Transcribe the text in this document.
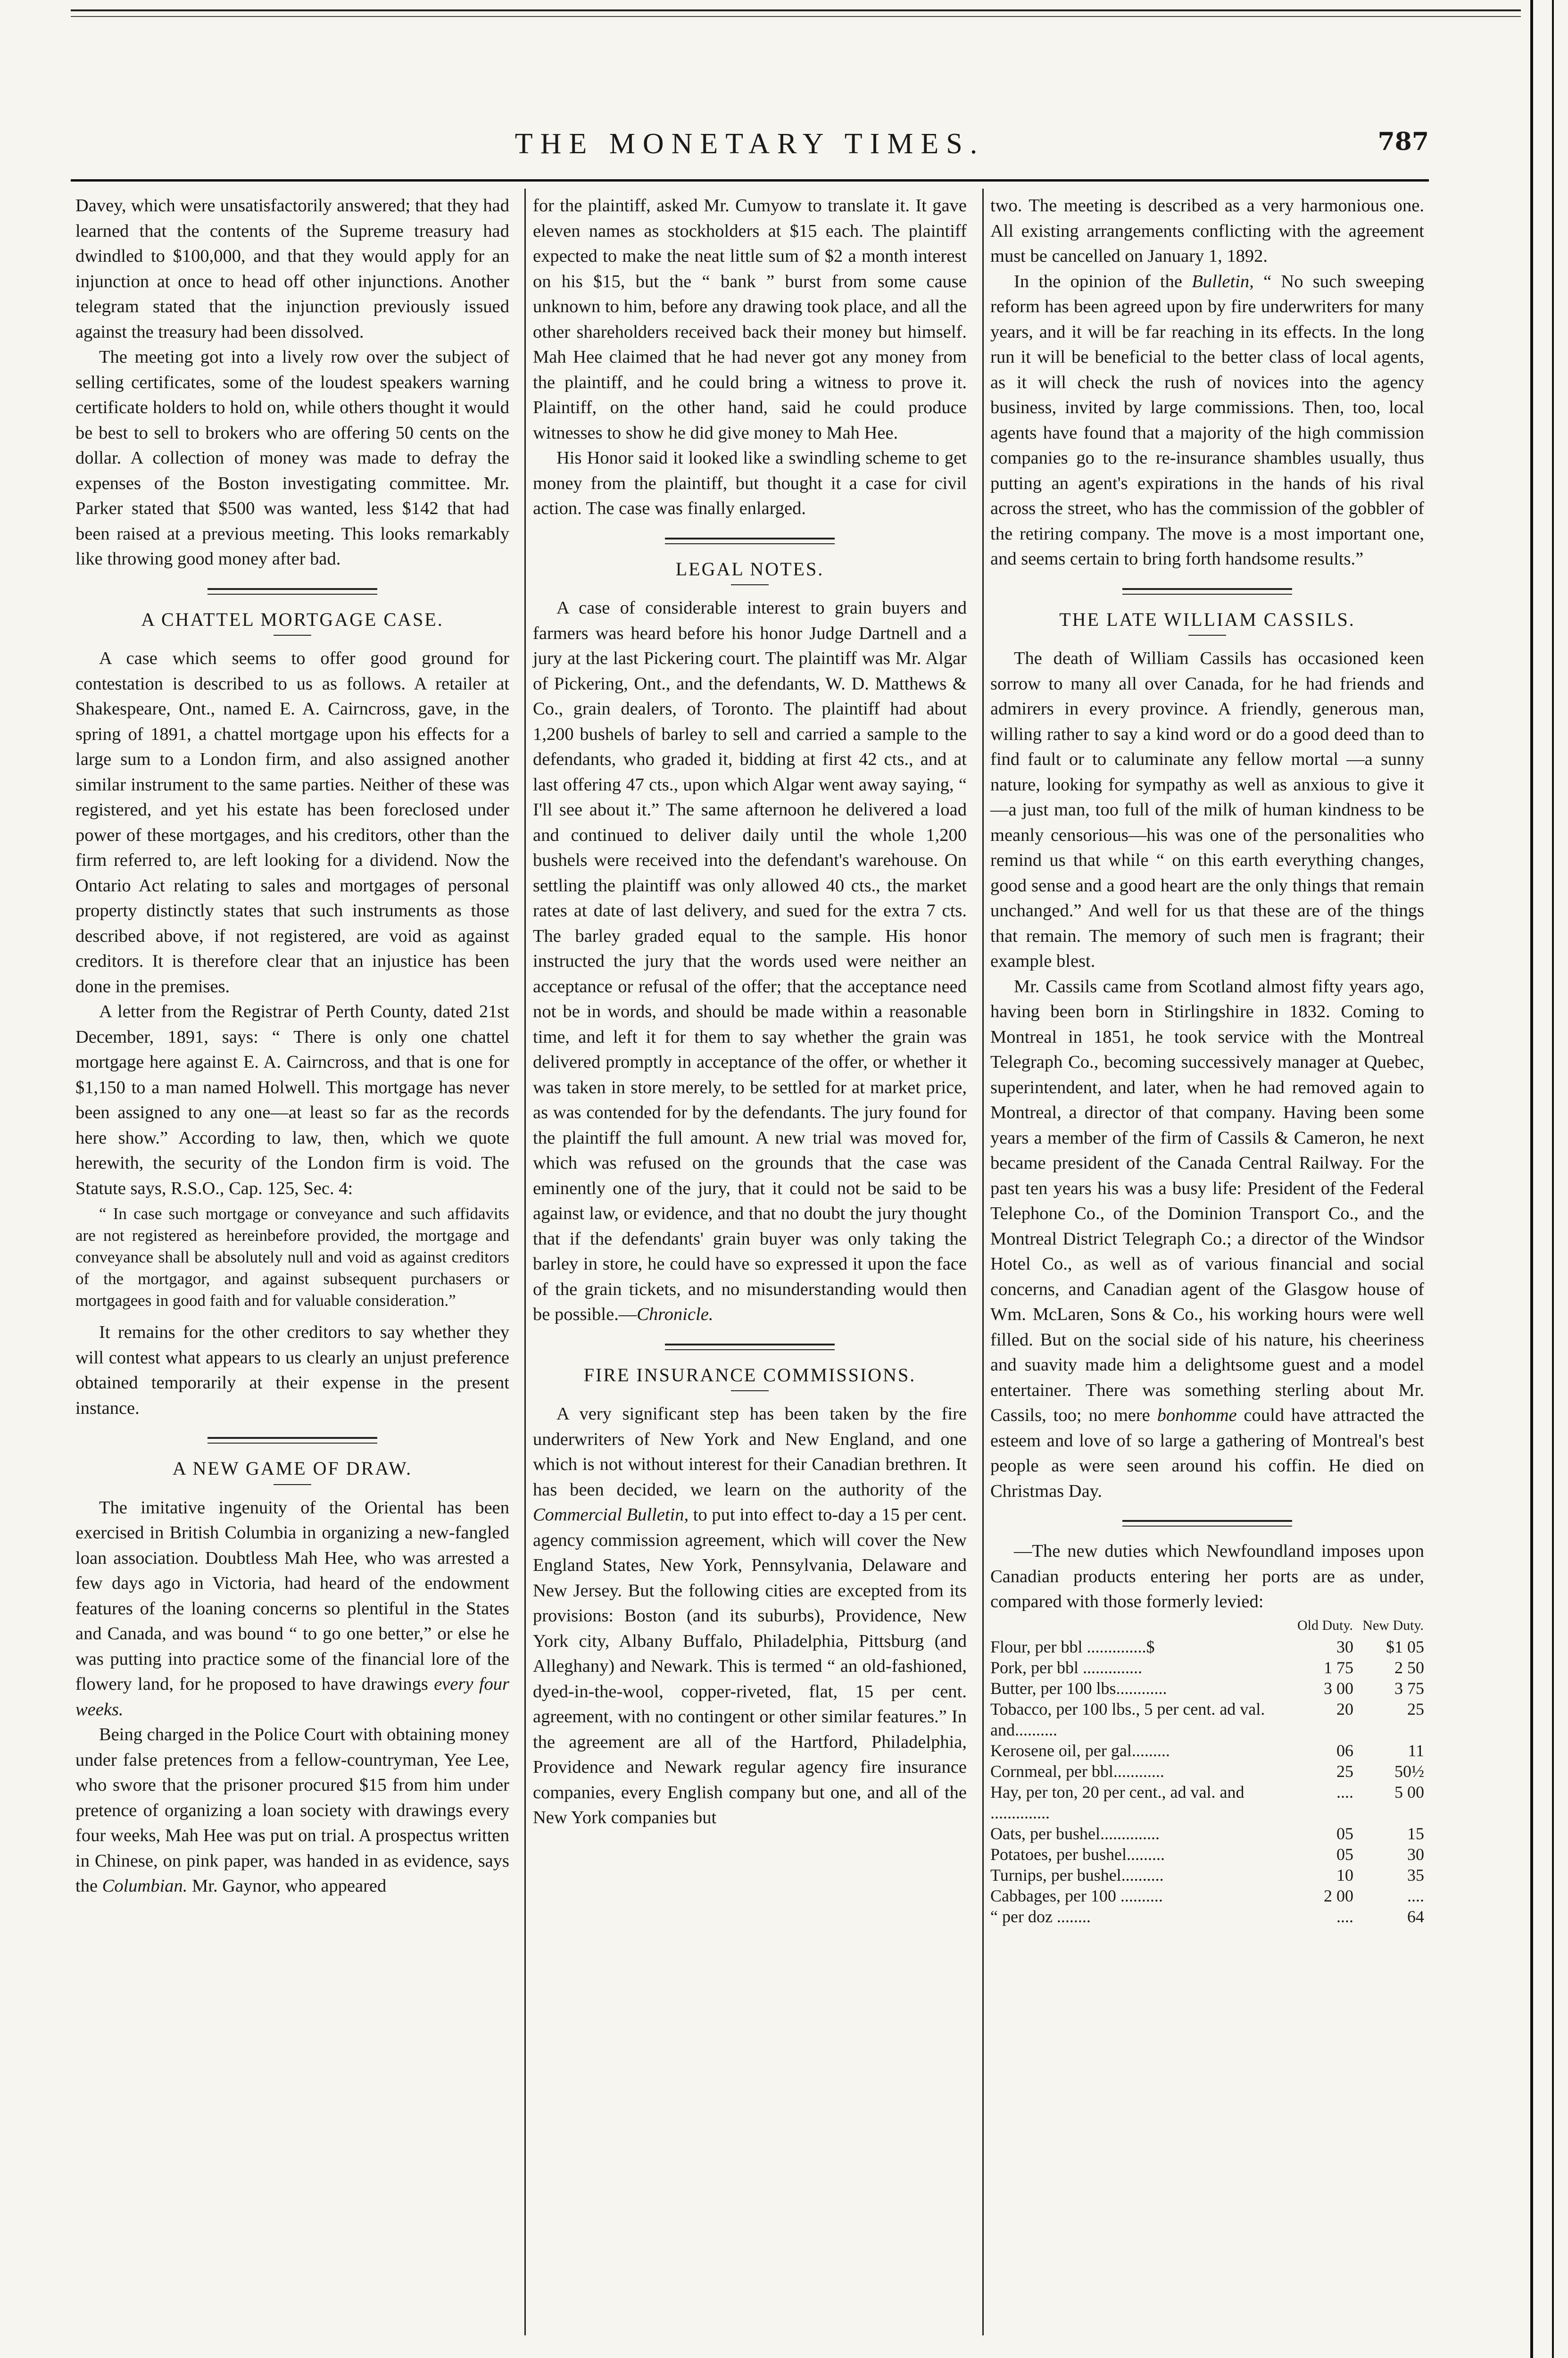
THE MONETARY TIMES.	787

Davey, which were unsatisfactorily answered; that they had learned that the contents of the Supreme treasury had dwindled to $100,000, and that they would apply for an injunction at once to head off other injunctions. Another telegram stated that the injunction previously issued against the treasury had been dissolved.

The meeting got into a lively row over the subject of selling certificates, some of the loudest speakers warning certificate holders to hold on, while others thought it would be best to sell to brokers who are offering 50 cents on the dollar. A collection of money was made to defray the expenses of the Boston investigating committee. Mr. Parker stated that $500 was wanted, less $142 that had been raised at a previous meeting. This looks remarkably like throwing good money after bad.

A CHATTEL MORTGAGE CASE.

A case which seems to offer good ground for contestation is described to us as follows. A retailer at Shakespeare, Ont., named E. A. Cairncross, gave, in the spring of 1891, a chattel mortgage upon his effects for a large sum to a London firm, and also assigned another similar instrument to the same parties. Neither of these was registered, and yet his estate has been foreclosed under power of these mortgages, and his creditors, other than the firm referred to, are left looking for a dividend. Now the Ontario Act relating to sales and mortgages of personal property distinctly states that such instruments as those described above, if not registered, are void as against creditors. It is therefore clear that an injustice has been done in the premises.

A letter from the Registrar of Perth County, dated 21st December, 1891, says: “ There is only one chattel mortgage here against E. A. Cairncross, and that is one for $1,150 to a man named Holwell. This mortgage has never been assigned to any one—at least so far as the records here show.” According to law, then, which we quote herewith, the security of the London firm is void. The Statute says, R.S.O., Cap. 125, Sec. 4:

“ In case such mortgage or conveyance and such affidavits are not registered as hereinbefore provided, the mortgage and conveyance shall be absolutely null and void as against creditors of the mortgagor, and against subsequent purchasers or mortgagees in good faith and for valuable consideration.”

It remains for the other creditors to say whether they will contest what appears to us clearly an unjust preference obtained temporarily at their expense in the present instance.

A NEW GAME OF DRAW.

The imitative ingenuity of the Oriental has been exercised in British Columbia in organizing a new-fangled loan association. Doubtless Mah Hee, who was arrested a few days ago in Victoria, had heard of the endowment features of the loaning concerns so plentiful in the States and Canada, and was bound “ to go one better,” or else he was putting into practice some of the financial lore of the flowery land, for he proposed to have drawings every four weeks.

Being charged in the Police Court with obtaining money under false pretences from a fellow-countryman, Yee Lee, who swore that the prisoner procured $15 from him under pretence of organizing a loan society with drawings every four weeks, Mah Hee was put on trial. A prospectus written in Chinese, on pink paper, was handed in as evidence, says the Columbian. Mr. Gaynor, who appeared

for the plaintiff, asked Mr. Cumyow to translate it. It gave eleven names as stockholders at $15 each. The plaintiff expected to make the neat little sum of $2 a month interest on his $15, but the “ bank ” burst from some cause unknown to him, before any drawing took place, and all the other shareholders received back their money but himself. Mah Hee claimed that he had never got any money from the plaintiff, and he could bring a witness to prove it. Plaintiff, on the other hand, said he could produce witnesses to show he did give money to Mah Hee.

His Honor said it looked like a swindling scheme to get money from the plaintiff, but thought it a case for civil action. The case was finally enlarged.

LEGAL NOTES.

A case of considerable interest to grain buyers and farmers was heard before his honor Judge Dartnell and a jury at the last Pickering court. The plaintiff was Mr. Algar of Pickering, Ont., and the defendants, W. D. Matthews & Co., grain dealers, of Toronto. The plaintiff had about 1,200 bushels of barley to sell and carried a sample to the defendants, who graded it, bidding at first 42 cts., and at last offering 47 cts., upon which Algar went away saying, “ I'll see about it.” The same afternoon he delivered a load and continued to deliver daily until the whole 1,200 bushels were received into the defendant's warehouse. On settling the plaintiff was only allowed 40 cts., the market rates at date of last delivery, and sued for the extra 7 cts. The barley graded equal to the sample. His honor instructed the jury that the words used were neither an acceptance or refusal of the offer; that the acceptance need not be in words, and should be made within a reasonable time, and left it for them to say whether the grain was delivered promptly in acceptance of the offer, or whether it was taken in store merely, to be settled for at market price, as was contended for by the defendants. The jury found for the plaintiff the full amount. A new trial was moved for, which was refused on the grounds that the case was eminently one of the jury, that it could not be said to be against law, or evidence, and that no doubt the jury thought that if the defendants' grain buyer was only taking the barley in store, he could have so expressed it upon the face of the grain tickets, and no misunderstanding would then be possible.—Chronicle.

FIRE INSURANCE COMMISSIONS.

A very significant step has been taken by the fire underwriters of New York and New England, and one which is not without interest for their Canadian brethren. It has been decided, we learn on the authority of the Commercial Bulletin, to put into effect to-day a 15 per cent. agency commission agreement, which will cover the New England States, New York, Pennsylvania, Delaware and New Jersey. But the following cities are excepted from its provisions: Boston (and its suburbs), Providence, New York city, Albany Buffalo, Philadelphia, Pittsburg (and Alleghany) and Newark. This is termed “ an old-fashioned, dyed-in-the-wool, copper-riveted, flat, 15 per cent. agreement, with no contingent or other similar features.” In the agreement are all of the Hartford, Philadelphia, Providence and Newark regular agency fire insurance companies, every English company but one, and all of the New York companies but

two. The meeting is described as a very harmonious one. All existing arrangements conflicting with the agreement must be cancelled on January 1, 1892.

In the opinion of the Bulletin, “ No such sweeping reform has been agreed upon by fire underwriters for many years, and it will be far reaching in its effects. In the long run it will be beneficial to the better class of local agents, as it will check the rush of novices into the agency business, invited by large commissions. Then, too, local agents have found that a majority of the high commission companies go to the re-insurance shambles usually, thus putting an agent's expirations in the hands of his rival across the street, who has the commission of the gobbler of the retiring company. The move is a most important one, and seems certain to bring forth handsome results.”

THE LATE WILLIAM CASSILS.

The death of William Cassils has occasioned keen sorrow to many all over Canada, for he had friends and admirers in every province. A friendly, generous man, willing rather to say a kind word or do a good deed than to find fault or to caluminate any fellow mortal —a sunny nature, looking for sympathy as well as anxious to give it—a just man, too full of the milk of human kindness to be meanly censorious—his was one of the personalities who remind us that while “ on this earth everything changes, good sense and a good heart are the only things that remain unchanged.” And well for us that these are of the things that remain. The memory of such men is fragrant; their example blest.

Mr. Cassils came from Scotland almost fifty years ago, having been born in Stirlingshire in 1832. Coming to Montreal in 1851, he took service with the Montreal Telegraph Co., becoming successively manager at Quebec, superintendent, and later, when he had removed again to Montreal, a director of that company. Having been some years a member of the firm of Cassils & Cameron, he next became president of the Canada Central Railway. For the past ten years his was a busy life: President of the Federal Telephone Co., of the Dominion Transport Co., and the Montreal District Telegraph Co.; a director of the Windsor Hotel Co., as well as of various financial and social concerns, and Canadian agent of the Glasgow house of Wm. McLaren, Sons & Co., his working hours were well filled. But on the social side of his nature, his cheeriness and suavity made him a delightsome guest and a model entertainer. There was something sterling about Mr. Cassils, too; no mere bonhomme could have attracted the esteem and love of so large a gathering of Montreal's best people as were seen around his coffin. He died on Christmas Day.

—The new duties which Newfoundland imposes upon Canadian products entering her ports are as under, compared with those formerly levied:

	Old Duty.	New Duty.
Flour, per bbl ..............$	30	$1 05
Pork, per bbl ..............	1 75	2 50
Butter, per 100 lbs............	3 00	3 75
Tobacco, per 100 lbs., 5 per cent. ad val. and..........	20	25
Kerosene oil, per gal.........	06	11
Cornmeal, per bbl............	25	50½
Hay, per ton, 20 per cent., ad val. and ..............	....	5 00
Oats, per bushel..............	05	15
Potatoes, per bushel.........	05	30
Turnips, per bushel..........	10	35
Cabbages, per 100 ..........	2 00	....
“ per doz ........	....	64
